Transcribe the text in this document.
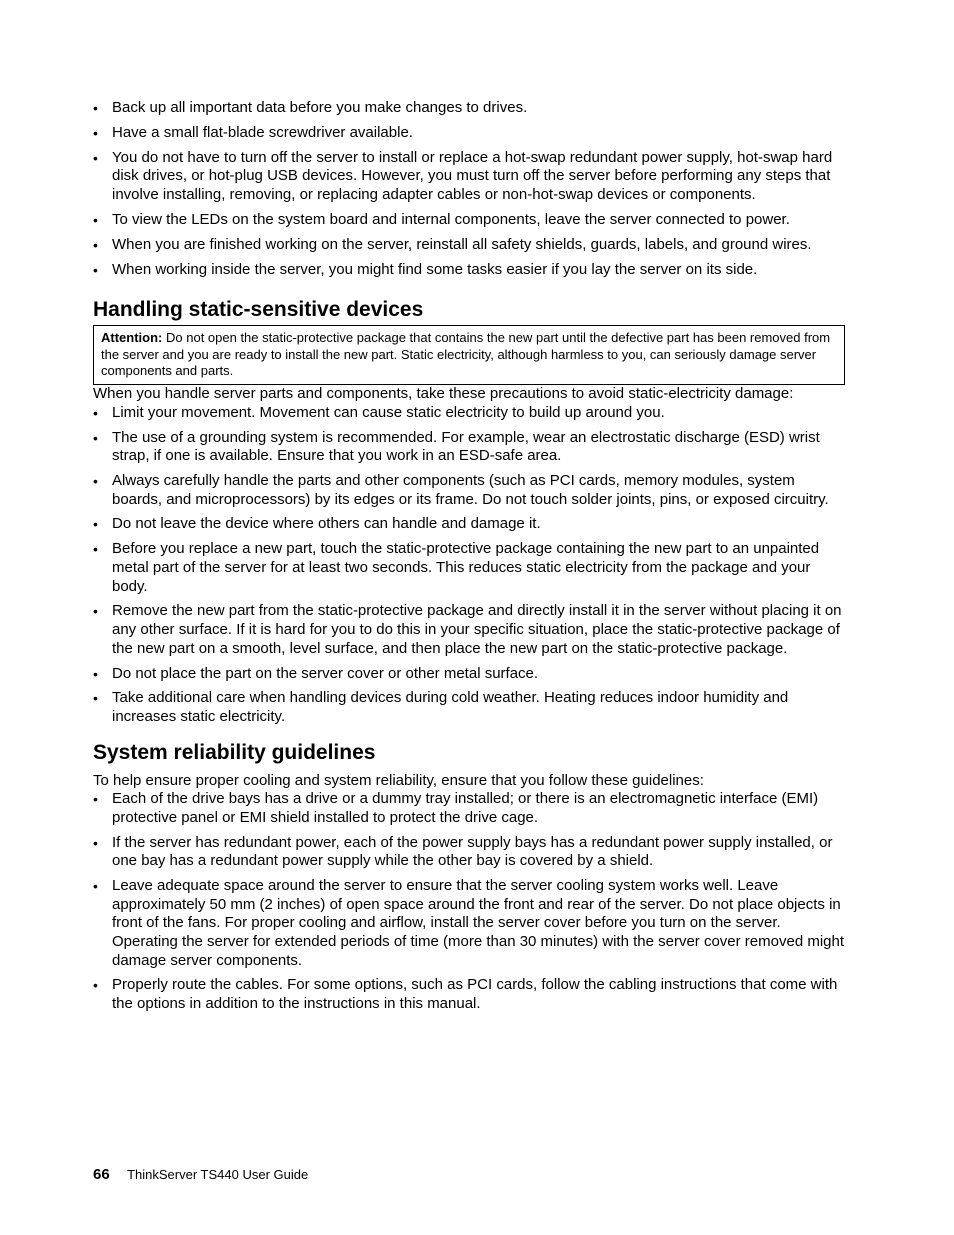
• Back up all important data before you make changes to drives.
• Have a small flat-blade screwdriver available.
• You do not have to turn off the server to install or replace a hot-swap redundant power supply, hot-swap hard disk drives, or hot-plug USB devices. However, you must turn off the server before performing any steps that involve installing, removing, or replacing adapter cables or non-hot-swap devices or components.
• To view the LEDs on the system board and internal components, leave the server connected to power.
• When you are finished working on the server, reinstall all safety shields, guards, labels, and ground wires.
• When working inside the server, you might find some tasks easier if you lay the server on its side.
Handling static-sensitive devices
Attention: Do not open the static-protective package that contains the new part until the defective part has been removed from the server and you are ready to install the new part. Static electricity, although harmless to you, can seriously damage server components and parts.

When you handle server parts and components, take these precautions to avoid static-electricity damage:

• Limit your movement. Movement can cause static electricity to build up around you.
• The use of a grounding system is recommended. For example, wear an electrostatic discharge (ESD) wrist strap, if one is available. Ensure that you work in an ESD-safe area.
• Always carefully handle the parts and other components (such as PCI cards, memory modules, system boards, and microprocessors) by its edges or its frame. Do not touch solder joints, pins, or exposed circuitry.
• Do not leave the device where others can handle and damage it.
• Before you replace a new part, touch the static-protective package containing the new part to an unpainted metal part of the server for at least two seconds. This reduces static electricity from the package and your body.
• Remove the new part from the static-protective package and directly install it in the server without placing it on any other surface. If it is hard for you to do this in your specific situation, place the static-protective package of the new part on a smooth, level surface, and then place the new part on the static-protective package.
• Do not place the part on the server cover or other metal surface.
• Take additional care when handling devices during cold weather. Heating reduces indoor humidity and increases static electricity.
System reliability guidelines

To help ensure proper cooling and system reliability, ensure that you follow these guidelines:

• Each of the drive bays has a drive or a dummy tray installed; or there is an electromagnetic interface (EMI) protective panel or EMI shield installed to protect the drive cage.
• If the server has redundant power, each of the power supply bays has a redundant power supply installed, or one bay has a redundant power supply while the other bay is covered by a shield.
• Leave adequate space around the server to ensure that the server cooling system works well. Leave approximately 50 mm (2 inches) of open space around the front and rear of the server. Do not place objects in front of the fans. For proper cooling and airflow, install the server cover before you turn on the server. Operating the server for extended periods of time (more than 30 minutes) with the server cover removed might damage server components.
• Properly route the cables. For some options, such as PCI cards, follow the cabling instructions that come with the options in addition to the instructions in this manual.
66 ThinkServer TS440 User Guide
